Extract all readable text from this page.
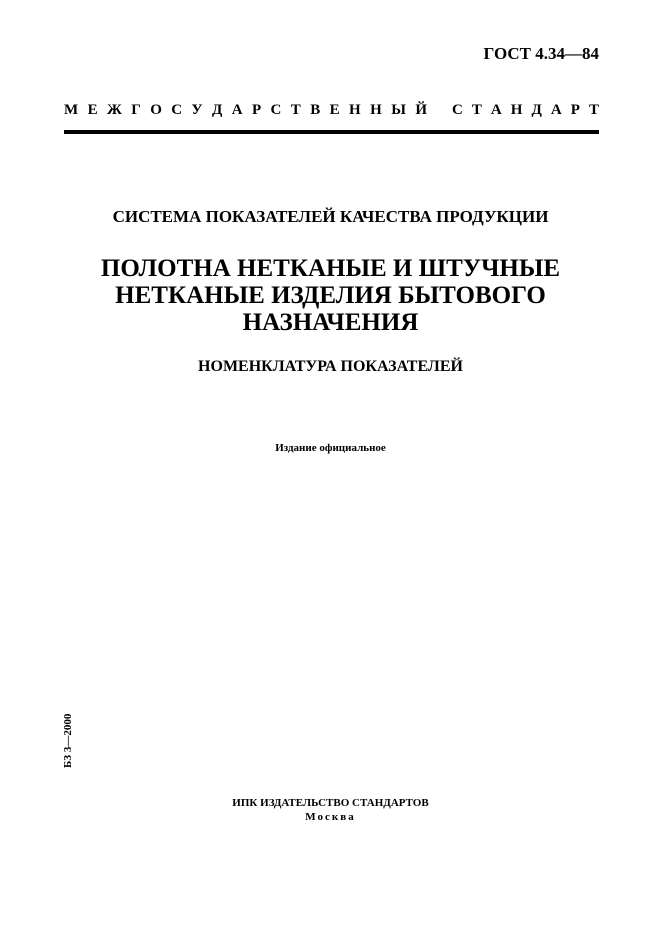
ГОСТ 4.34—84
М Е Ж Г О С У Д А Р С Т В Е Н Н Ы Й С Т А Н Д А Р Т
СИСТЕМА ПОКАЗАТЕЛЕЙ КАЧЕСТВА ПРОДУКЦИИ
ПОЛОТНА НЕТКАНЫЕ И ШТУЧНЫЕ
НЕТКАНЫЕ ИЗДЕЛИЯ БЫТОВОГО
НАЗНАЧЕНИЯ
НОМЕНКЛАТУРА ПОКАЗАТЕЛЕЙ
Издание официальное
БЗ 3—2000
ИПК ИЗДАТЕЛЬСТВО СТАНДАРТОВ
Москва
